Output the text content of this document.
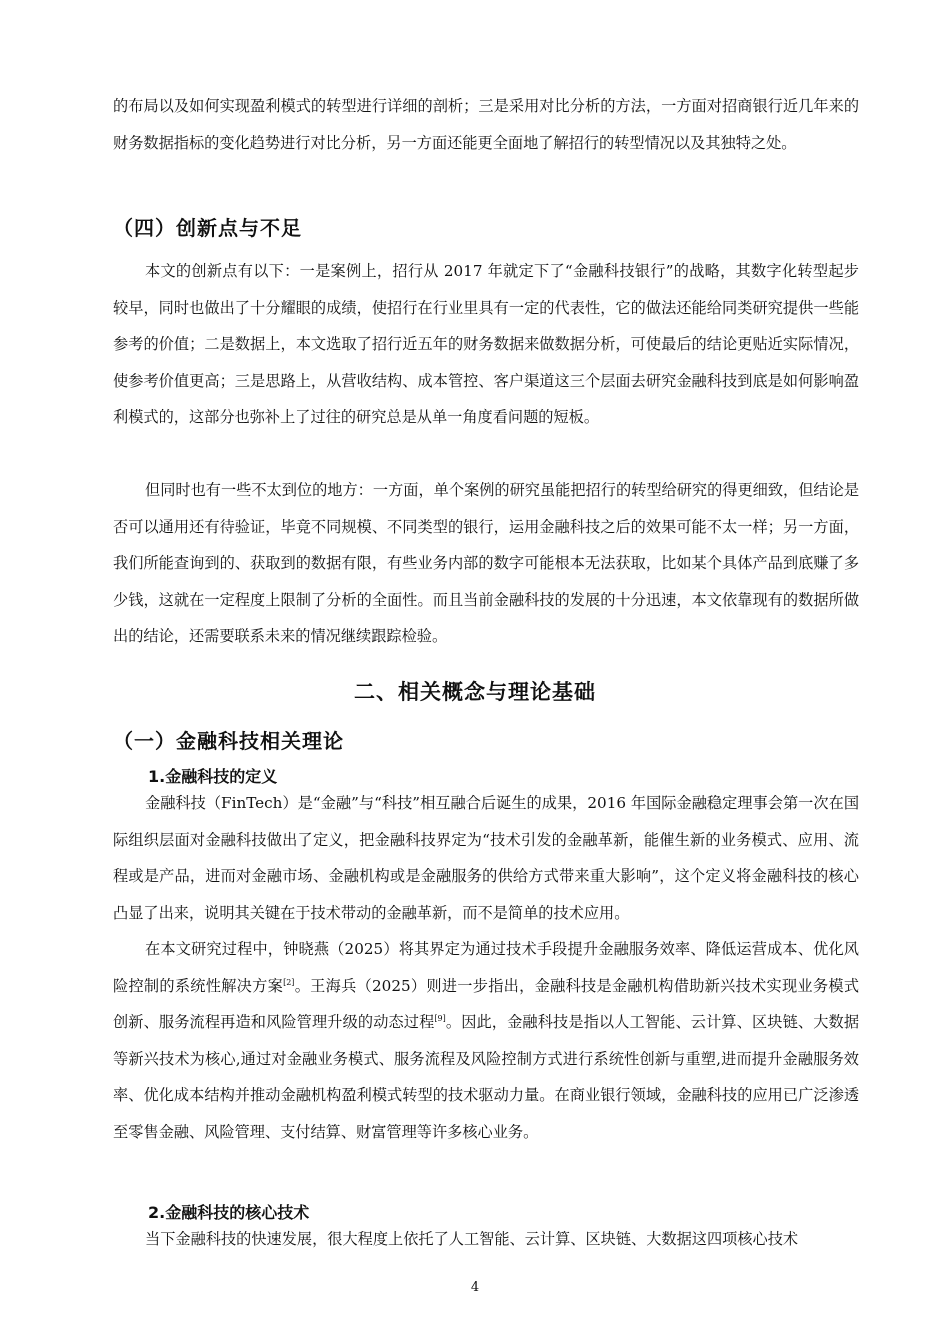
的布局以及如何实现盈利模式的转型进行详细的剖析；三是采用对比分析的方法，一方面对招商银行近几年来的财务数据指标的变化趋势进行对比分析，另一方面还能更全面地了解招行的转型情况以及其独特之处。

（四）创新点与不足

本文的创新点有以下：一是案例上，招行从 2017 年就定下了“金融科技银行”的战略，其数字化转型起步较早，同时也做出了十分耀眼的成绩，使招行在行业里具有一定的代表性，它的做法还能给同类研究提供一些能参考的价值；二是数据上，本文选取了招行近五年的财务数据来做数据分析，可使最后的结论更贴近实际情况，使参考价值更高；三是思路上，从营收结构、成本管控、客户渠道这三个层面去研究金融科技到底是如何影响盈利模式的，这部分也弥补上了过往的研究总是从单一角度看问题的短板。

但同时也有一些不太到位的地方：一方面，单个案例的研究虽能把招行的转型给研究的得更细致，但结论是否可以通用还有待验证，毕竟不同规模、不同类型的银行，运用金融科技之后的效果可能不太一样；另一方面，我们所能查询到的、获取到的数据有限，有些业务内部的数字可能根本无法获取，比如某个具体产品到底赚了多少钱，这就在一定程度上限制了分析的全面性。而且当前金融科技的发展的十分迅速，本文依靠现有的数据所做出的结论，还需要联系未来的情况继续跟踪检验。

二、相关概念与理论基础
（一）金融科技相关理论
1.金融科技的定义

金融科技（FinTech）是“金融”与“科技”相互融合后诞生的成果，2016 年国际金融稳定理事会第一次在国际组织层面对金融科技做出了定义，把金融科技界定为“技术引发的金融革新，能催生新的业务模式、应用、流程或是产品，进而对金融市场、金融机构或是金融服务的供给方式带来重大影响”，这个定义将金融科技的核心凸显了出来，说明其关键在于技术带动的金融革新，而不是简单的技术应用。

在本文研究过程中，钟晓燕（2025）将其界定为通过技术手段提升金融服务效率、降低运营成本、优化风险控制的系统性解决方案[2]。王海兵（2025）则进一步指出，金融科技是金融机构借助新兴技术实现业务模式创新、服务流程再造和风险管理升级的动态过程[9]。因此，金融科技是指以人工智能、云计算、区块链、大数据等新兴技术为核心,通过对金融业务模式、服务流程及风险控制方式进行系统性创新与重塑,进而提升金融服务效率、优化成本结构并推动金融机构盈利模式转型的技术驱动力量。在商业银行领域，金融科技的应用已广泛渗透至零售金融、风险管理、支付结算、财富管理等许多核心业务。

2.金融科技的核心技术

当下金融科技的快速发展，很大程度上依托了人工智能、云计算、区块链、大数据这四项核心技术

4
